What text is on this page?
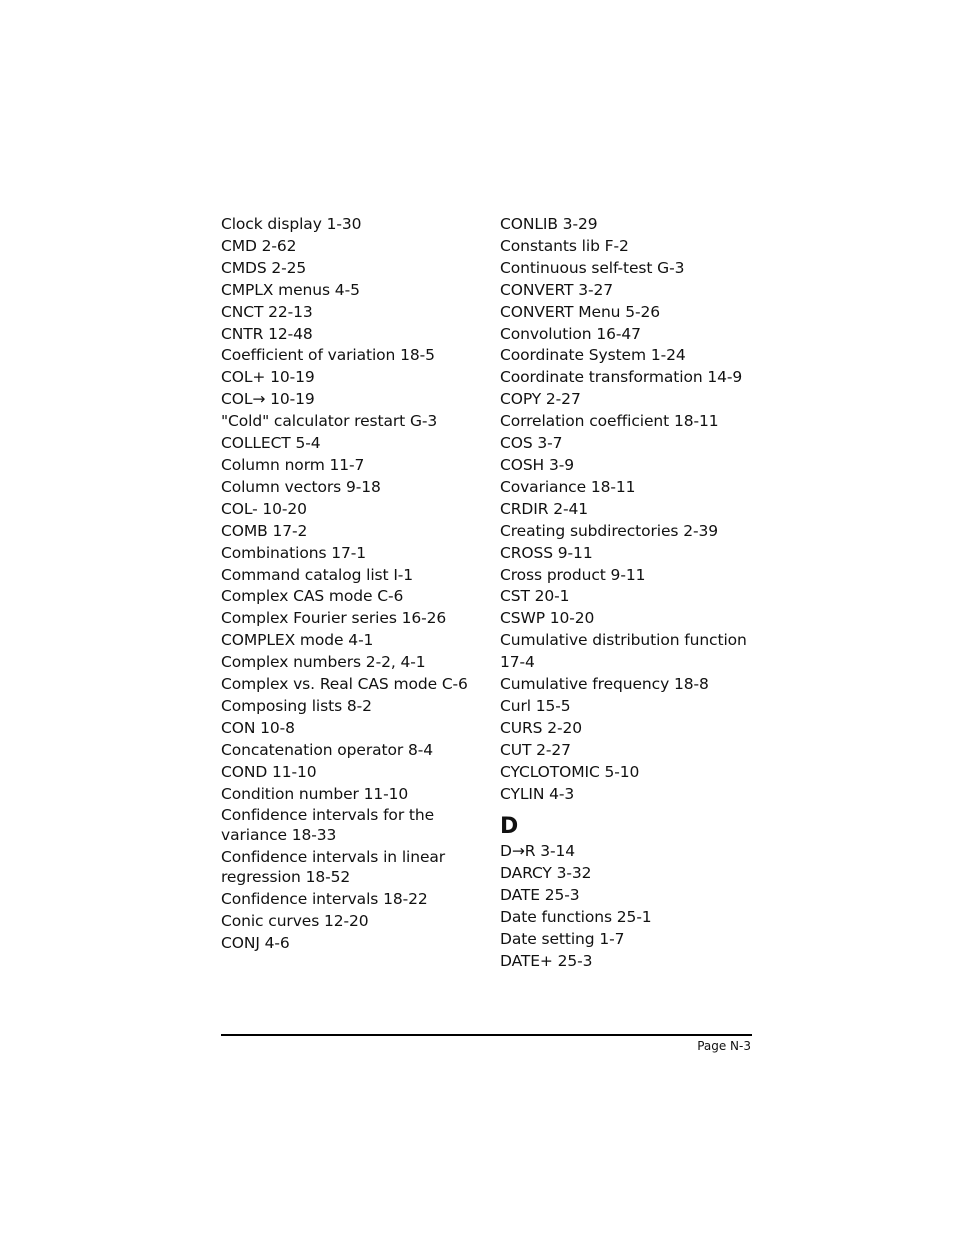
Clock display 1-30

CMD 2-62

CMDS 2-25

CMPLX menus 4-5

CNCT 22-13

CNTR 12-48

Coefficient of variation 18-5

COL+ 10-19

COL→ 10-19

"Cold" calculator restart G-3

COLLECT 5-4

Column norm 11-7

Column vectors 9-18

COL- 10-20

COMB 17-2

Combinations 17-1

Command catalog list I-1

Complex CAS mode C-6

Complex Fourier series 16-26

COMPLEX mode 4-1

Complex numbers 2-2, 4-1

Complex vs. Real CAS mode C-6

Composing lists 8-2

CON 10-8

Concatenation operator 8-4

COND 11-10

Condition number 11-10

Confidence intervals for the variance 18-33

Confidence intervals in linear regression 18-52

Confidence intervals 18-22

Conic curves 12-20

CONJ 4-6

CONLIB 3-29

Constants lib F-2

Continuous self-test G-3

CONVERT 3-27

CONVERT Menu 5-26

Convolution 16-47

Coordinate System 1-24

Coordinate transformation 14-9

COPY 2-27

Correlation coefficient 18-11

COS 3-7

COSH 3-9

Covariance 18-11

CRDIR 2-41

Creating subdirectories 2-39

CROSS 9-11

Cross product 9-11

CST 20-1

CSWP 10-20

Cumulative distribution function 17-4

Cumulative frequency 18-8

Curl 15-5

CURS 2-20

CUT 2-27

CYCLOTOMIC 5-10

CYLIN 4-3

D

D→R 3-14

DARCY 3-32

DATE 25-3

Date functions 25-1

Date setting 1-7

DATE+ 25-3

Page N-3
